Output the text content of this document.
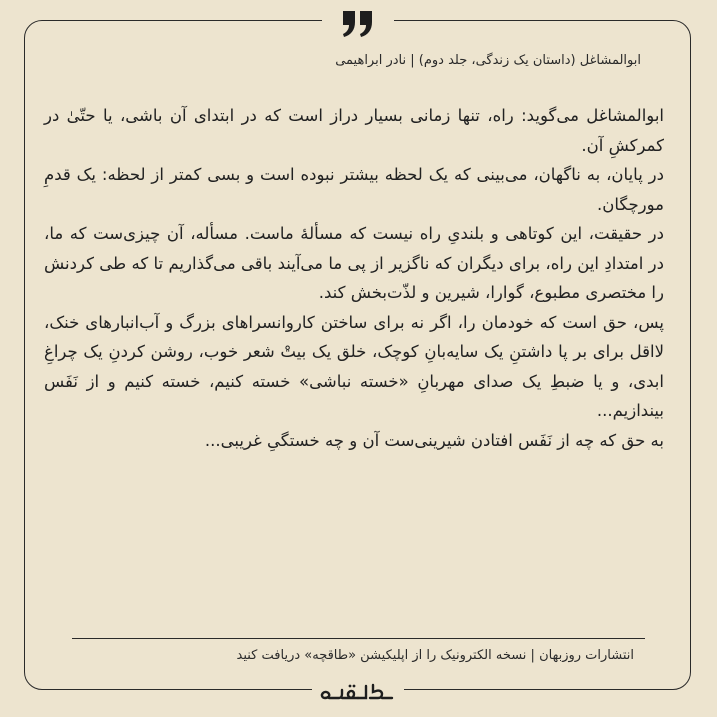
ابوالمشاغل (داستان یک زندگی، جلد دوم) | نادر ابراهیمی

ابوالمشاغل می‌گوید: راه، تنها زمانی بسیار دراز است که در ابتدای آن باشی، یا حتّیٰ در کمرکشِ آن.

در پایان، به ناگهان، می‌بینی که یک لحظه بیشتر نبوده است و بسی کمتر از لحظه: یک قدمِ مورچگان.

در حقیقت، این کوتاهی و بلندیِ راه نیست که مسألهٔ ماست. مسأله، آن چیزی‌ست که ما، در امتدادِ این راه، برای دیگران که ناگزیر از پی ما می‌آیند باقی می‌گذاریم تا که طی کردنش را مختصری مطبوع، گوارا، شیرین و لذّت‌بخش کند.

پس، حق است که خودمان را، اگر نه برای ساختن کاروانسراهای بزرگ و آب‌انبارهای خنک، لااقل برای بر پا داشتنِ یک سایه‌بانِ کوچک، خلق یک بیتْ شعر خوب، روشن کردنِ یک چراغِ ابدی، و یا ضبطِ یک صدای مهربانِ «خسته نباشی» خسته کنیم، خسته کنیم و از نَفَس بیندازیم...

به حق که چه از نَفَس افتادن شیرینی‌ست آن و چه خستگیِ غریبی...

انتشارات روزبهان | نسخه الکترونیک را از اپلیکیشن «طاقچه» دریافت کنید
